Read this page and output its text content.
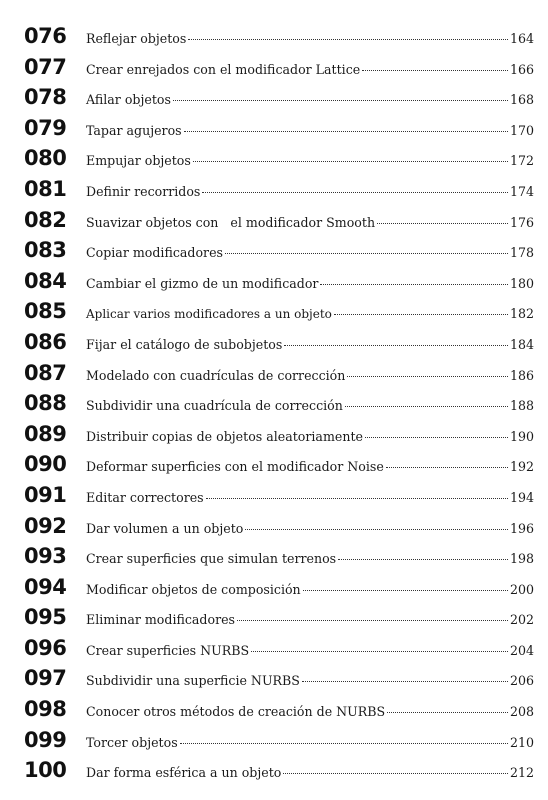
076	Reflejar objetos	164
077	Crear enrejados con el modificador Lattice	166
078	Afilar objetos	168
079	Tapar agujeros	170
080	Empujar objetos	172
081	Definir recorridos	174
082	Suavizar objetos con   el modificador Smooth	176
083	Copiar modificadores	178
084	Cambiar el gizmo de un modificador	180
085	Aplicar varios modificadores a un objeto	182
086	Fijar el catálogo de subobjetos	184
087	Modelado con cuadrículas de corrección	186
088	Subdividir una cuadrícula de corrección	188
089	Distribuir copias de objetos aleatoriamente	190
090	Deformar superficies con el modificador Noise	192
091	Editar correctores	194
092	Dar volumen a un objeto	196
093	Crear superficies que simulan terrenos	198
094	Modificar objetos de composición	200
095	Eliminar modificadores	202
096	Crear superficies NURBS	204
097	Subdividir una superficie NURBS	206
098	Conocer otros métodos de creación de NURBS	208
099	Torcer objetos	210
100	Dar forma esférica a un objeto	212
